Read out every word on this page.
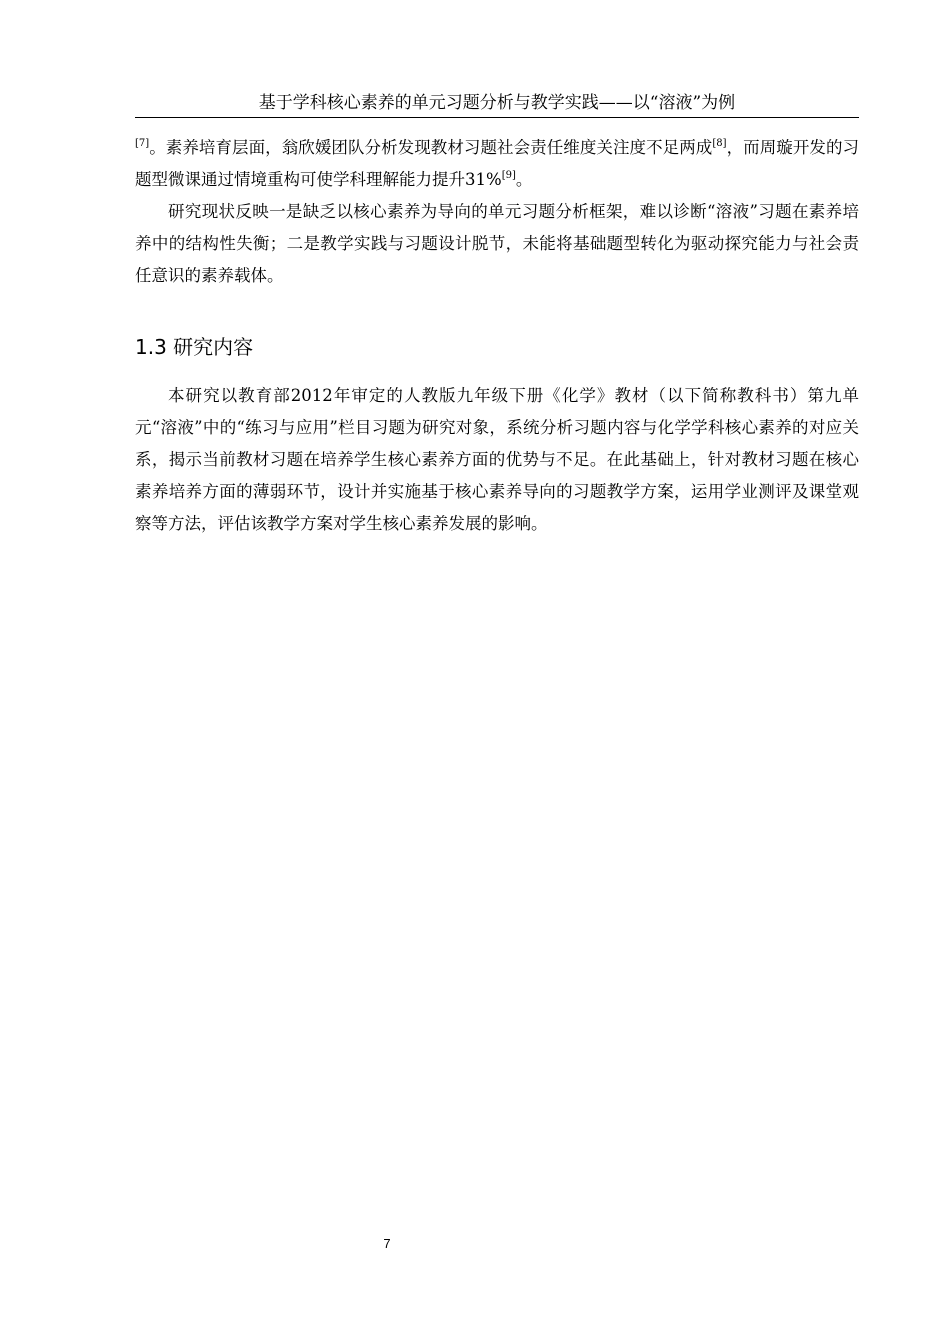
基于学科核心素养的单元习题分析与教学实践——以“溶液”为例

[7]。素养培育层面，翁欣媛团队分析发现教材习题社会责任维度关注度不足两成[8]，而周璇开发的习题型微课通过情境重构可使学科理解能力提升31%[9]。

研究现状反映一是缺乏以核心素养为导向的单元习题分析框架，难以诊断“溶液”习题在素养培养中的结构性失衡；二是教学实践与习题设计脱节，未能将基础题型转化为驱动探究能力与社会责任意识的素养载体。

1.3 研究内容

本研究以教育部2012年审定的人教版九年级下册《化学》教材（以下简称教科书）第九单元“溶液”中的“练习与应用”栏目习题为研究对象，系统分析习题内容与化学学科核心素养的对应关系，揭示当前教材习题在培养学生核心素养方面的优势与不足。在此基础上，针对教材习题在核心素养培养方面的薄弱环节，设计并实施基于核心素养导向的习题教学方案，运用学业测评及课堂观察等方法，评估该教学方案对学生核心素养发展的影响。

7
